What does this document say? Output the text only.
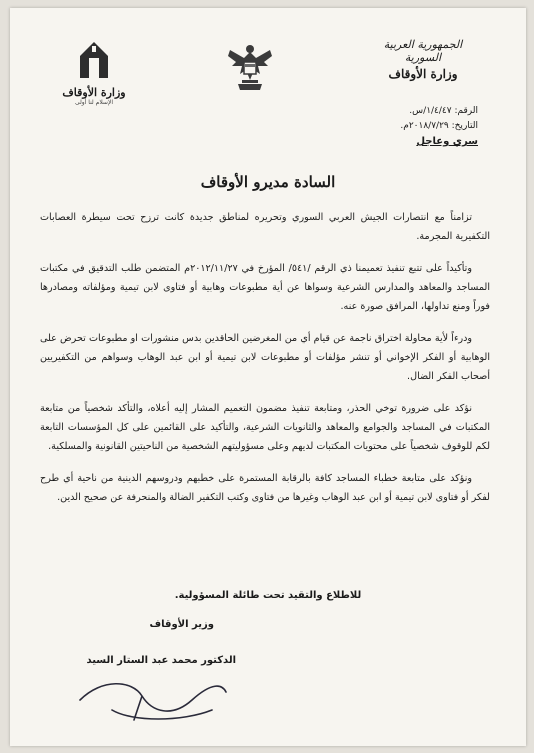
الجمهورية العربية السورية
وزارة الأوقاف
وزارة الأوقاف
الإسلام لنا أولى
الرقم: ١/٤/٤٧/س.
التاريخ: ٢٠١٨/٧/٢٩م.
سري وعاجل
السادة مديرو الأوقاف

تزامناً مع انتصارات الجيش العربي السوري وتحريره لمناطق جديدة كانت ترزح تحت سيطرة العصابات التكفيرية المجرمة.

وتأكيداً على تتبع تنفيذ تعميمنا ذي الرقم /٥٤١/ المؤرخ في ٢٠١٢/١١/٢٧م المتضمن طلب التدقيق في مكتبات المساجد والمعاهد والمدارس الشرعية وسواها عن أية مطبوعات وهابية أو فتاوى لابن تيمية ومؤلفاته ومصادرها فوراً ومنع تداولها، المرافق صورة عنه.

ودرءاً لأية محاولة اختراق ناجمة عن قيام أي من المغرضين الحاقدين بدس منشورات او مطبوعات تحرض على الوهابية أو الفكر الإخواني أو تنشر مؤلفات أو مطبوعات لابن تيمية أو ابن عبد الوهاب وسواهم من التكفيريين أصحاب الفكر الضال.

نؤكد على ضرورة توخي الحذر، ومتابعة تنفيذ مضمون التعميم المشار إليه أعلاه، والتأكد شخصياً من متابعة المكتبات في المساجد والجوامع والمعاهد والثانويات الشرعية، والتأكيد على القائمين على كل المؤسسات التابعة لكم للوقوف شخصياً على محتويات المكتبات لديهم وعلى مسؤوليتهم الشخصية من الناحيتين القانونية والمسلكية.

ونؤكد على متابعة خطباء المساجد كافة بالرقابة المستمرة على خطبهم ودروسهم الدينية من ناحية أي طرح لفكر أو فتاوى لابن تيمية أو ابن عبد الوهاب وغيرها من فتاوى وكتب التكفير الضالة والمنحرفة عن صحيح الدين.

للاطلاع والتقيد تحت طائلة المسؤولية.
وزير الأوقاف
الدكتور محمد عبد الستار السيد
